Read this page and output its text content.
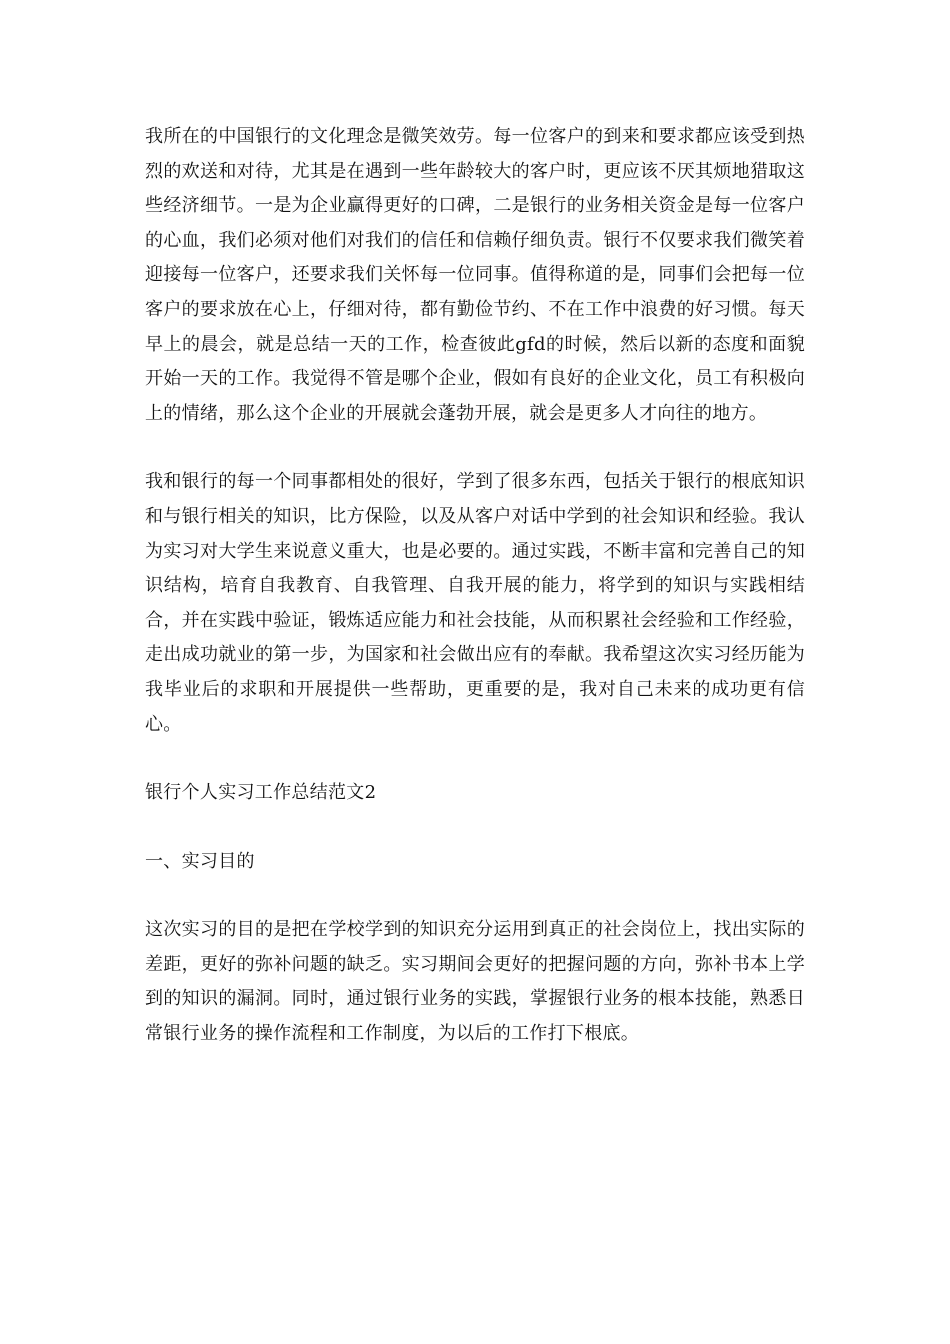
我所在的中国银行的文化理念是微笑效劳。每一位客户的到来和要求都应该受到热烈的欢送和对待，尤其是在遇到一些年龄较大的客户时，更应该不厌其烦地猎取这些经济细节。一是为企业赢得更好的口碑，二是银行的业务相关资金是每一位客户的心血，我们必须对他们对我们的信任和信赖仔细负责。银行不仅要求我们微笑着迎接每一位客户，还要求我们关怀每一位同事。值得称道的是，同事们会把每一位客户的要求放在心上，仔细对待，都有勤俭节约、不在工作中浪费的好习惯。每天早上的晨会，就是总结一天的工作，检查彼此gfd的时候，然后以新的态度和面貌开始一天的工作。我觉得不管是哪个企业，假如有良好的企业文化，员工有积极向上的情绪，那么这个企业的开展就会蓬勃开展，就会是更多人才向往的地方。

我和银行的每一个同事都相处的很好，学到了很多东西，包括关于银行的根底知识和与银行相关的知识，比方保险，以及从客户对话中学到的社会知识和经验。我认为实习对大学生来说意义重大，也是必要的。通过实践，不断丰富和完善自己的知识结构，培育自我教育、自我管理、自我开展的能力，将学到的知识与实践相结合，并在实践中验证，锻炼适应能力和社会技能，从而积累社会经验和工作经验，走出成功就业的第一步，为国家和社会做出应有的奉献。我希望这次实习经历能为我毕业后的求职和开展提供一些帮助，更重要的是，我对自己未来的成功更有信心。

银行个人实习工作总结范文2

一、实习目的

这次实习的目的是把在学校学到的知识充分运用到真正的社会岗位上，找出实际的差距，更好的弥补问题的缺乏。实习期间会更好的把握问题的方向，弥补书本上学到的知识的漏洞。同时，通过银行业务的实践，掌握银行业务的根本技能，熟悉日常银行业务的操作流程和工作制度，为以后的工作打下根底。
